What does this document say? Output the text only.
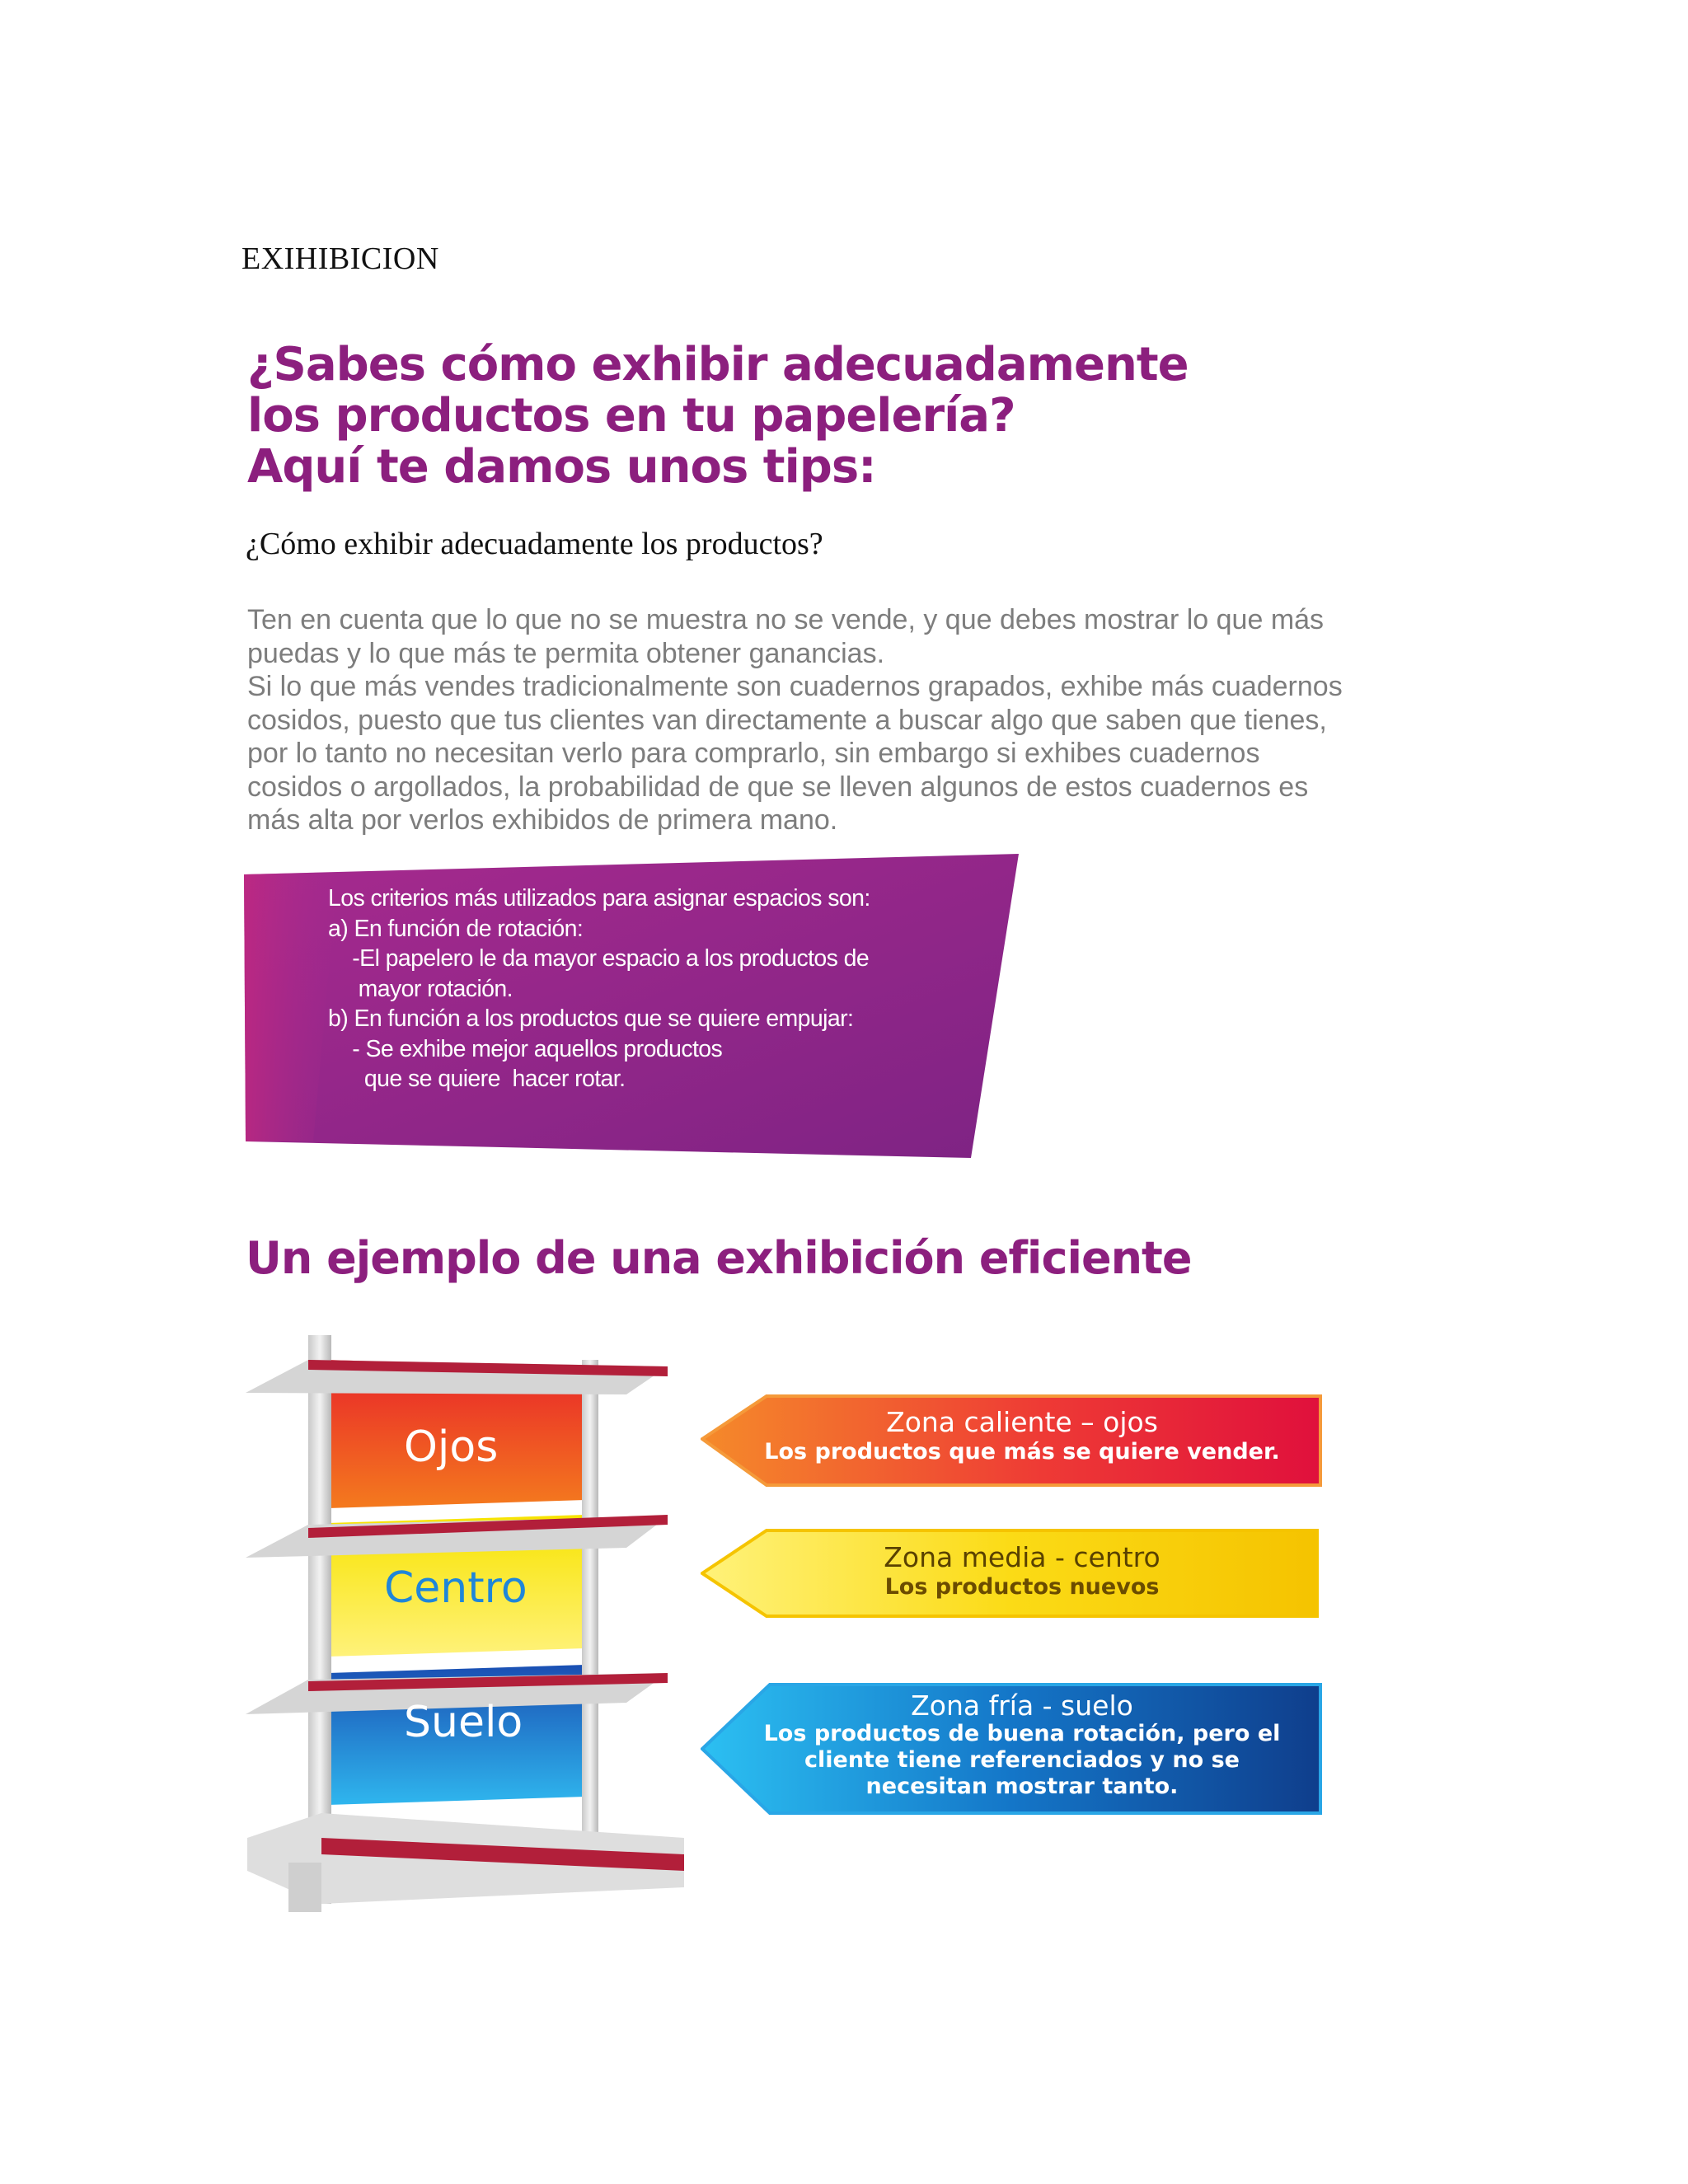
EXIHIBICION
¿Sabes cómo exhibir adecuadamente
los productos en tu papelería?
Aquí te damos unos tips:
¿Cómo exhibir adecuadamente los productos?

Ten en cuenta que lo que no se muestra no se vende, y que debes mostrar lo que más puedas y lo que más te permita obtener ganancias.

Si lo que más vendes tradicionalmente son cuadernos grapados, exhibe más cuadernos cosidos, puesto que tus clientes van directamente a buscar algo que saben que tienes, por lo tanto no necesitan verlo para comprarlo, sin embargo si exhibes cuadernos cosidos o argollados, la probabilidad de que se lleven algunos de estos cuadernos es más alta por verlos exhibidos de primera mano.

Los criterios más utilizados para asignar espacios son:
a) En función de rotación:
-El papelero le da mayor espacio a los productos de
mayor rotación.
b) En función a los productos que se quiere empujar:
- Se exhibe mejor aquellos productos
que se quiere  hacer rotar.
Un ejemplo de una exhibición eficiente
Ojos
Centro
Suelo
Zona caliente – ojos
Los productos que más se quiere vender.
Zona media - centro
Los productos nuevos
Zona fría - suelo
Los productos de buena rotación, pero el cliente tiene referenciados y no se necesitan mostrar tanto.
